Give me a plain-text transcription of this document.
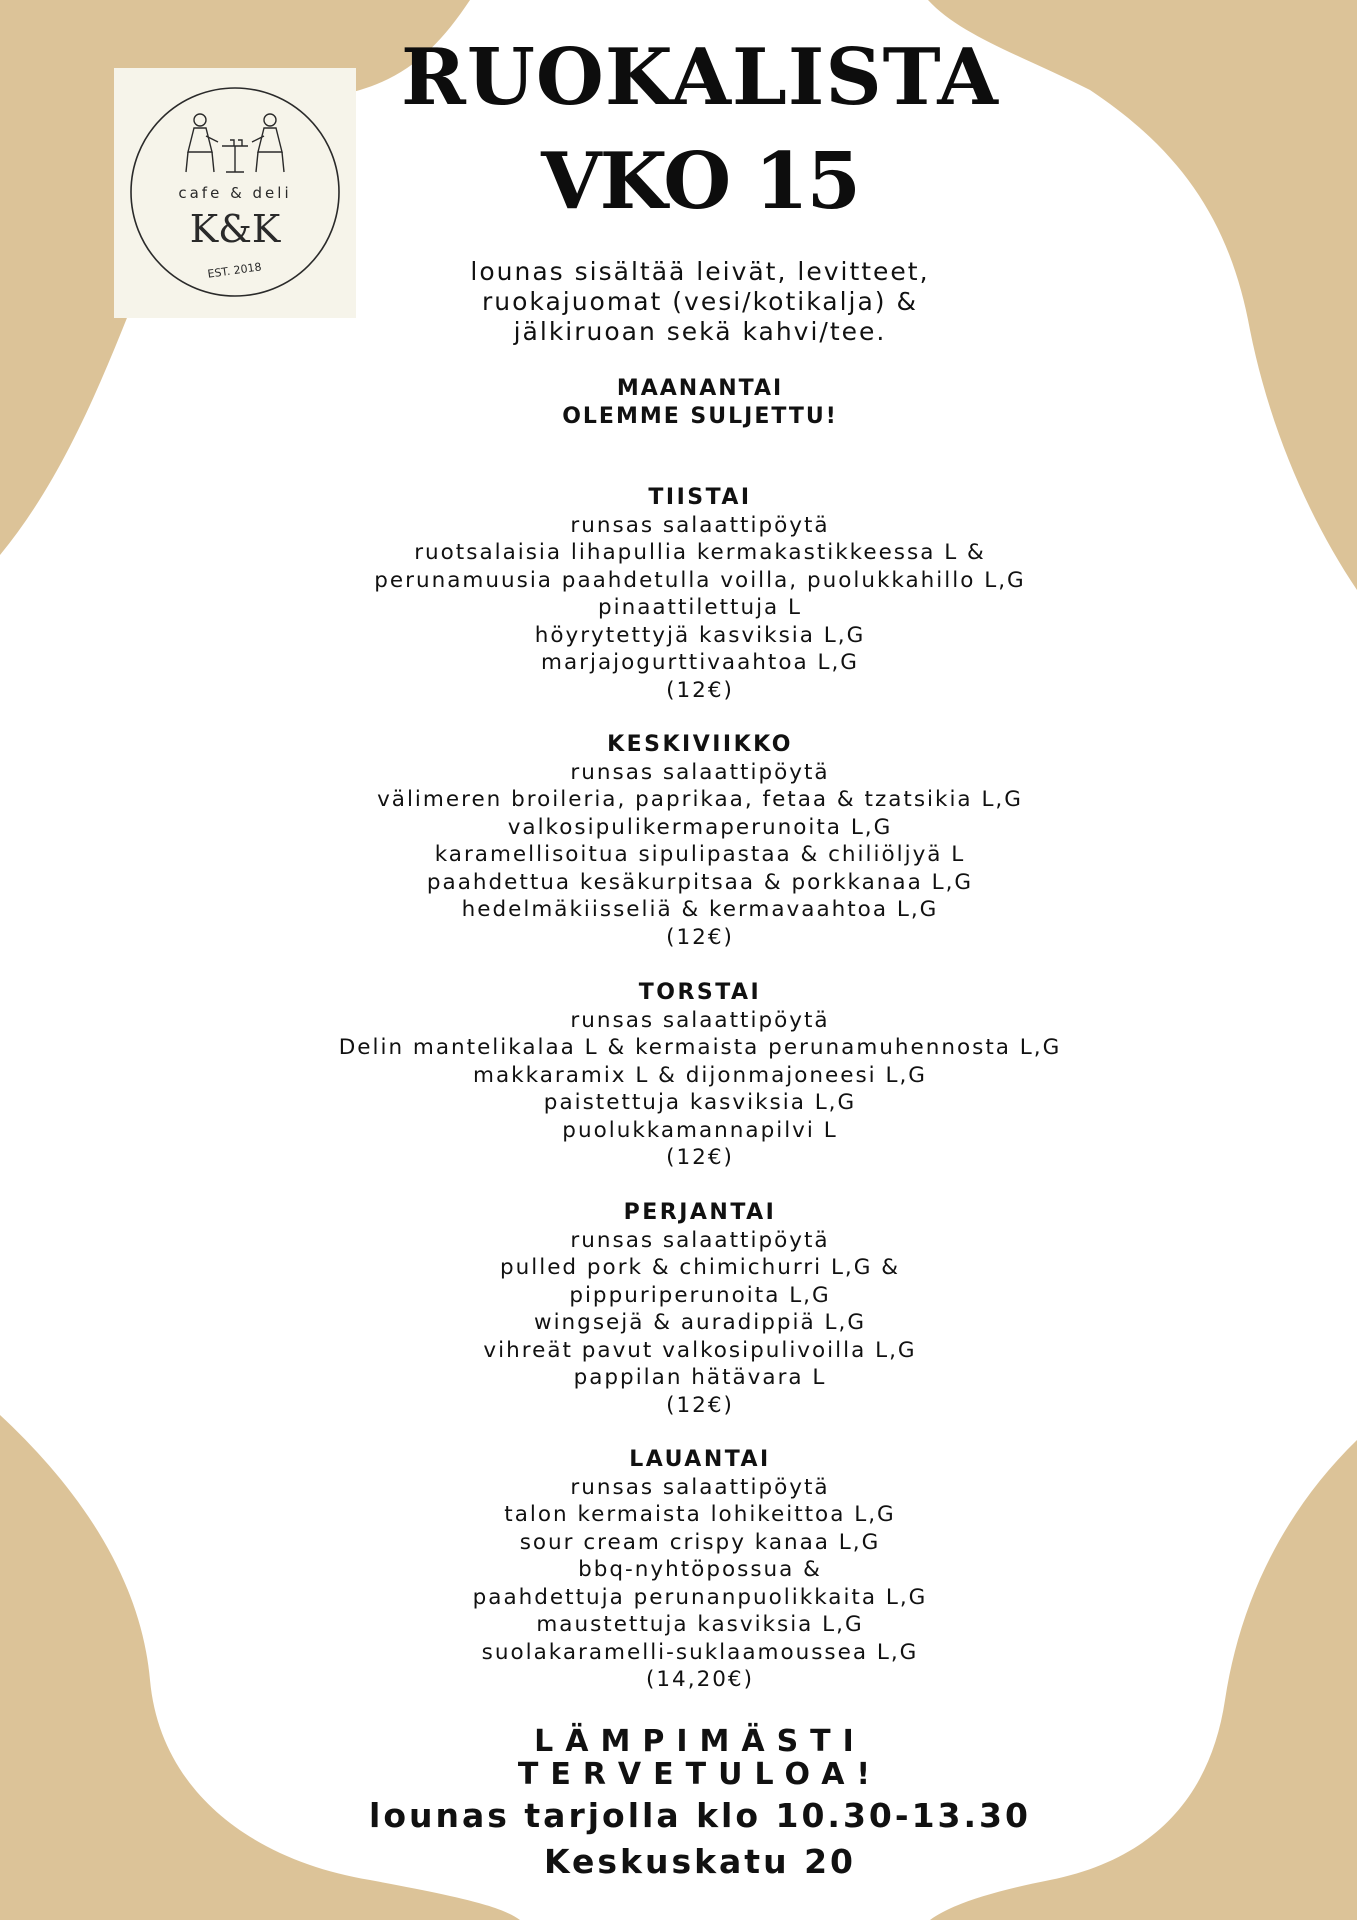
cafe & deli
K&K
EST. 2018
RUOKALISTA
VKO 15
lounas sisältää leivät, levitteet,
ruokajuomat (vesi/kotikalja) &
jälkiruoan sekä kahvi/tee.
MAANANTAI
OLEMME SULJETTU!
TIISTAI
runsas salaattipöytä
ruotsalaisia lihapullia kermakastikkeessa L &
perunamuusia paahdetulla voilla, puolukkahillo L,G
pinaattilettuja L
höyrytettyjä kasviksia L,G
marjajogurttivaahtoa L,G
(12€)
KESKIVIIKKO
runsas salaattipöytä
välimeren broileria, paprikaa, fetaa & tzatsikia L,G
valkosipulikermaperunoita L,G
karamellisoitua sipulipastaa & chiliöljyä L
paahdettua kesäkurpitsaa & porkkanaa L,G
hedelmäkiisseliä & kermavaahtoa L,G
(12€)
TORSTAI
runsas salaattipöytä
Delin mantelikalaa L & kermaista perunamuhennosta L,G
makkaramix L & dijonmajoneesi L,G
paistettuja kasviksia L,G
puolukkamannapilvi L
(12€)
PERJANTAI
runsas salaattipöytä
pulled pork & chimichurri L,G &
pippuriperunoita L,G
wingsejä & auradippiä L,G
vihreät pavut valkosipulivoilla L,G
pappilan hätävara L
(12€)
LAUANTAI
runsas salaattipöytä
talon kermaista lohikeittoa L,G
sour cream crispy kanaa L,G
bbq-nyhtöpossua &
paahdettuja perunanpuolikkaita L,G
maustettuja kasviksia L,G
suolakaramelli-suklaamoussea L,G
(14,20€)
LÄMPIMÄSTI
TERVETULOA!
lounas tarjolla klo 10.30-13.30
Keskuskatu 20
